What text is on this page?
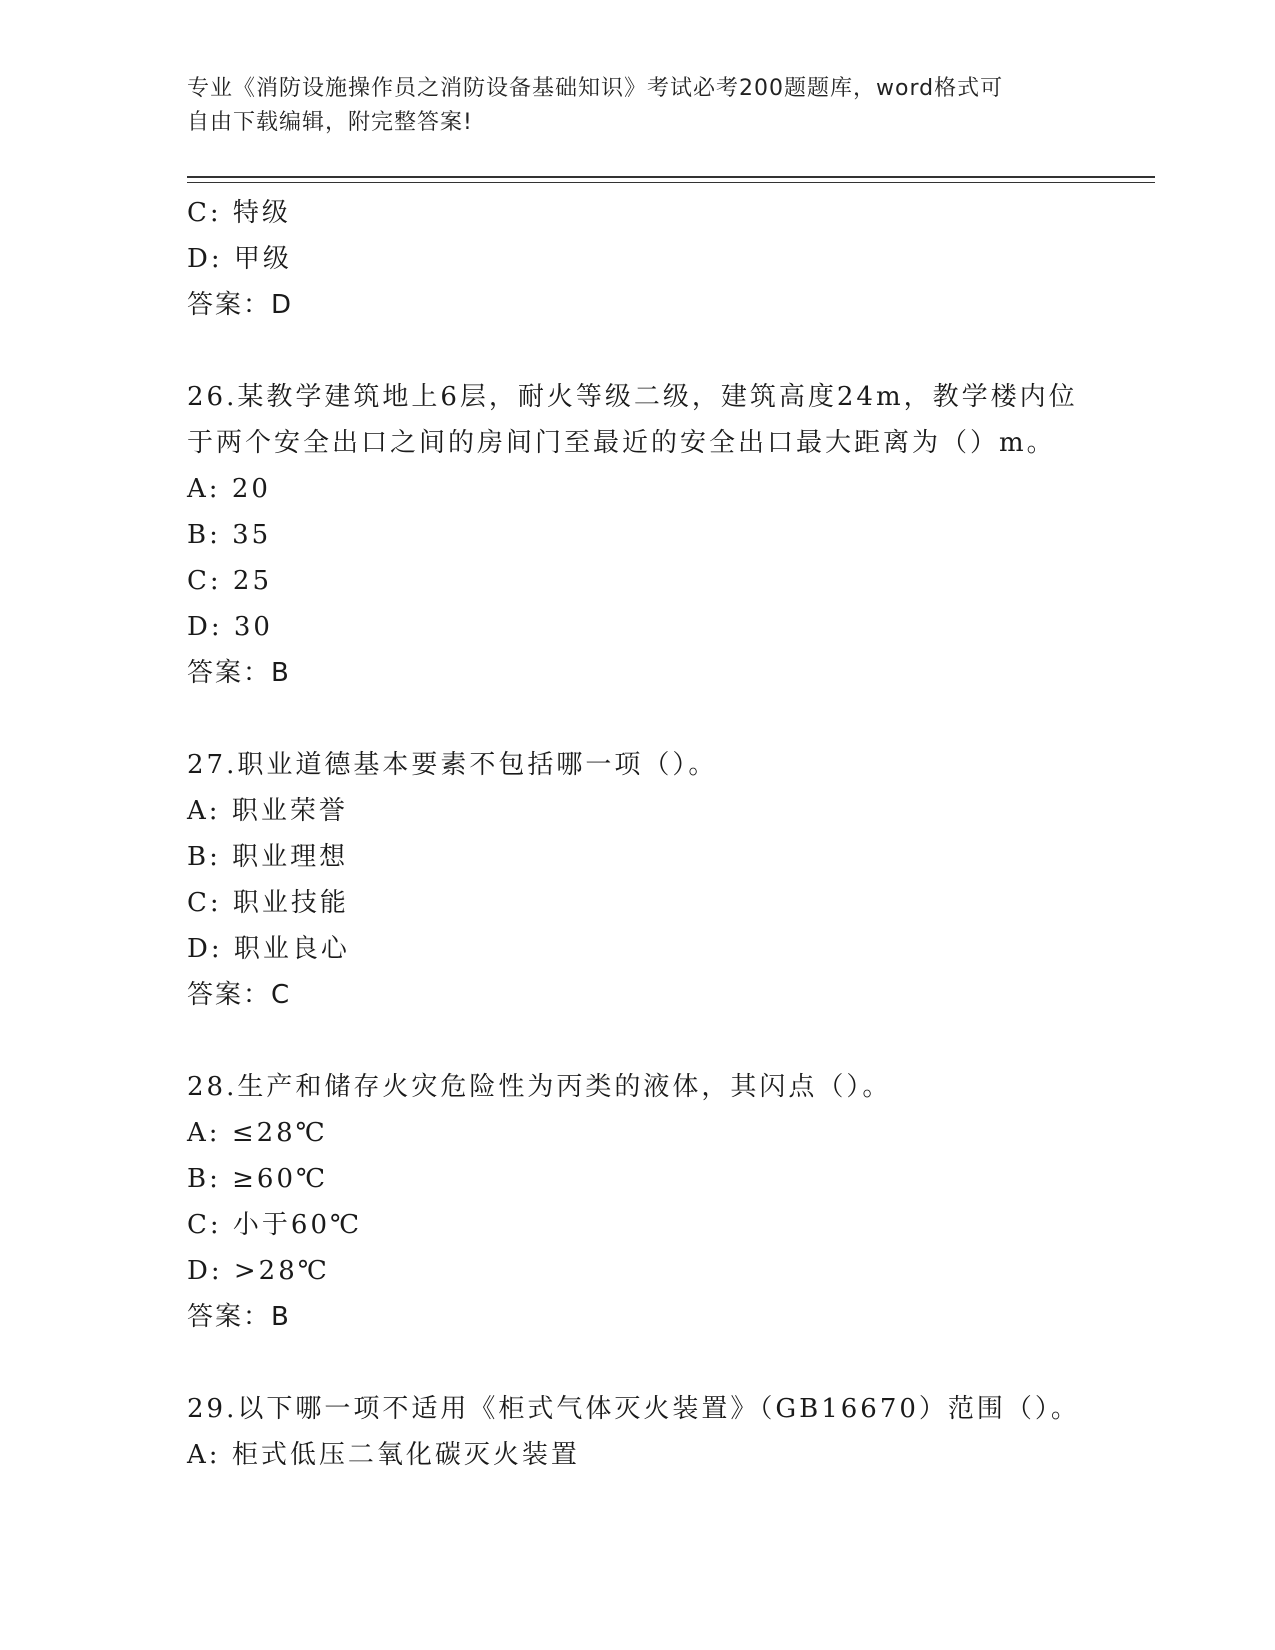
专业《消防设施操作员之消防设备基础知识》考试必考200题题库，word格式可
自由下载编辑，附完整答案!
C: 特级
D: 甲级
答案：D
26.某教学建筑地上6层，耐火等级二级，建筑高度24m，教学楼内位
于两个安全出口之间的房间门至最近的安全出口最大距离为（）m。
A: 20
B: 35
C: 25
D: 30
答案：B
27.职业道德基本要素不包括哪一项（）。
A: 职业荣誉
B: 职业理想
C: 职业技能
D: 职业良心
答案：C
28.生产和储存火灾危险性为丙类的液体，其闪点（）。
A: ≤28℃
B: ≥60℃
C: 小于60℃
D: >28℃
答案：B
29.以下哪一项不适用《柜式气体灭火装置》（GB16670）范围（）。
A: 柜式低压二氧化碳灭火装置
